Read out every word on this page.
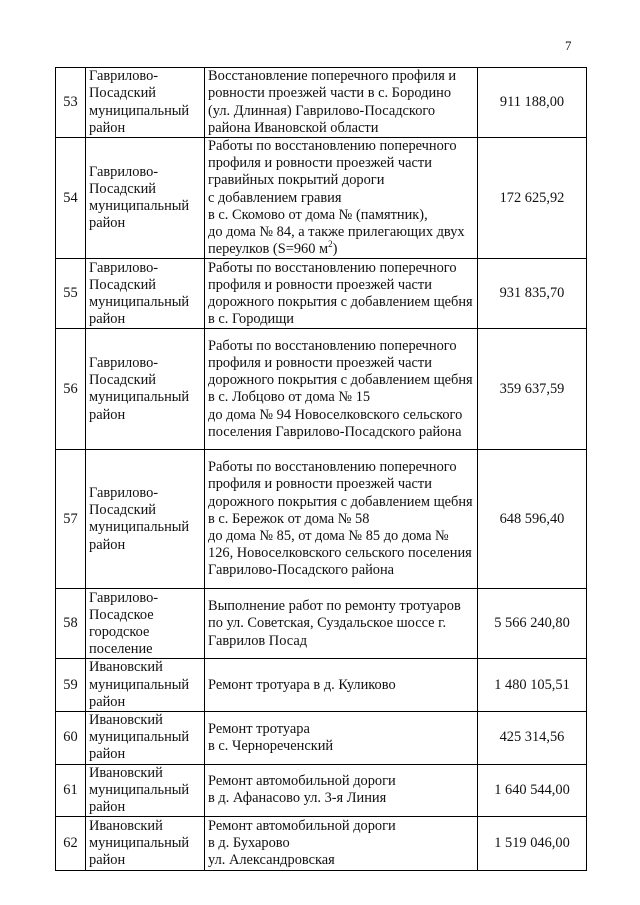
7
53	Гаврилово-Посадский муниципальный район	Восстановление поперечного профиля и ровности проезжей части в с. Бородино (ул. Длинная) Гаврилово-Посадского района Ивановской области	911 188,00
54	Гаврилово-Посадский муниципальный район	Работы по восстановлению поперечного профиля и ровности проезжей части гравийных покрытий дороги
с добавлением гравия
в с. Скомово от дома № (памятник),
до дома № 84, а также прилегающих двух переулков (S=960 $м^2$)	172 625,92
55	Гаврилово-Посадский муниципальный район	Работы по восстановлению поперечного профиля и ровности проезжей части дорожного покрытия с добавлением щебня в с. Городищи	931 835,70
56	Гаврилово-Посадский муниципальный район	Работы по восстановлению поперечного профиля и ровности проезжей части дорожного покрытия с добавлением щебня в с. Лобцово от дома № 15
до дома № 94 Новоселковского сельского поселения Гаврилово-Посадского района	359 637,59
57	Гаврилово-Посадский муниципальный район	Работы по восстановлению поперечного профиля и ровности проезжей части дорожного покрытия с добавлением щебня в с. Бережок от дома № 58
до дома № 85, от дома № 85 до дома № 126, Новоселковского сельского поселения Гаврилово-Посадского района	648 596,40
58	Гаврилово-Посадское городское поселение	Выполнение работ по ремонту тротуаров по ул. Советская, Суздальское шоссе г. Гаврилов Посад	5 566 240,80
59	Ивановский муниципальный район	Ремонт тротуара в д. Куликово	1 480 105,51
60	Ивановский муниципальный район	Ремонт тротуара
в с. Чернореченский	425 314,56
61	Ивановский муниципальный район	Ремонт автомобильной дороги
в д. Афанасово ул. 3-я Линия	1 640 544,00
62	Ивановский муниципальный район	Ремонт автомобильной дороги
в д. Бухарово
ул. Александровская	1 519 046,00
